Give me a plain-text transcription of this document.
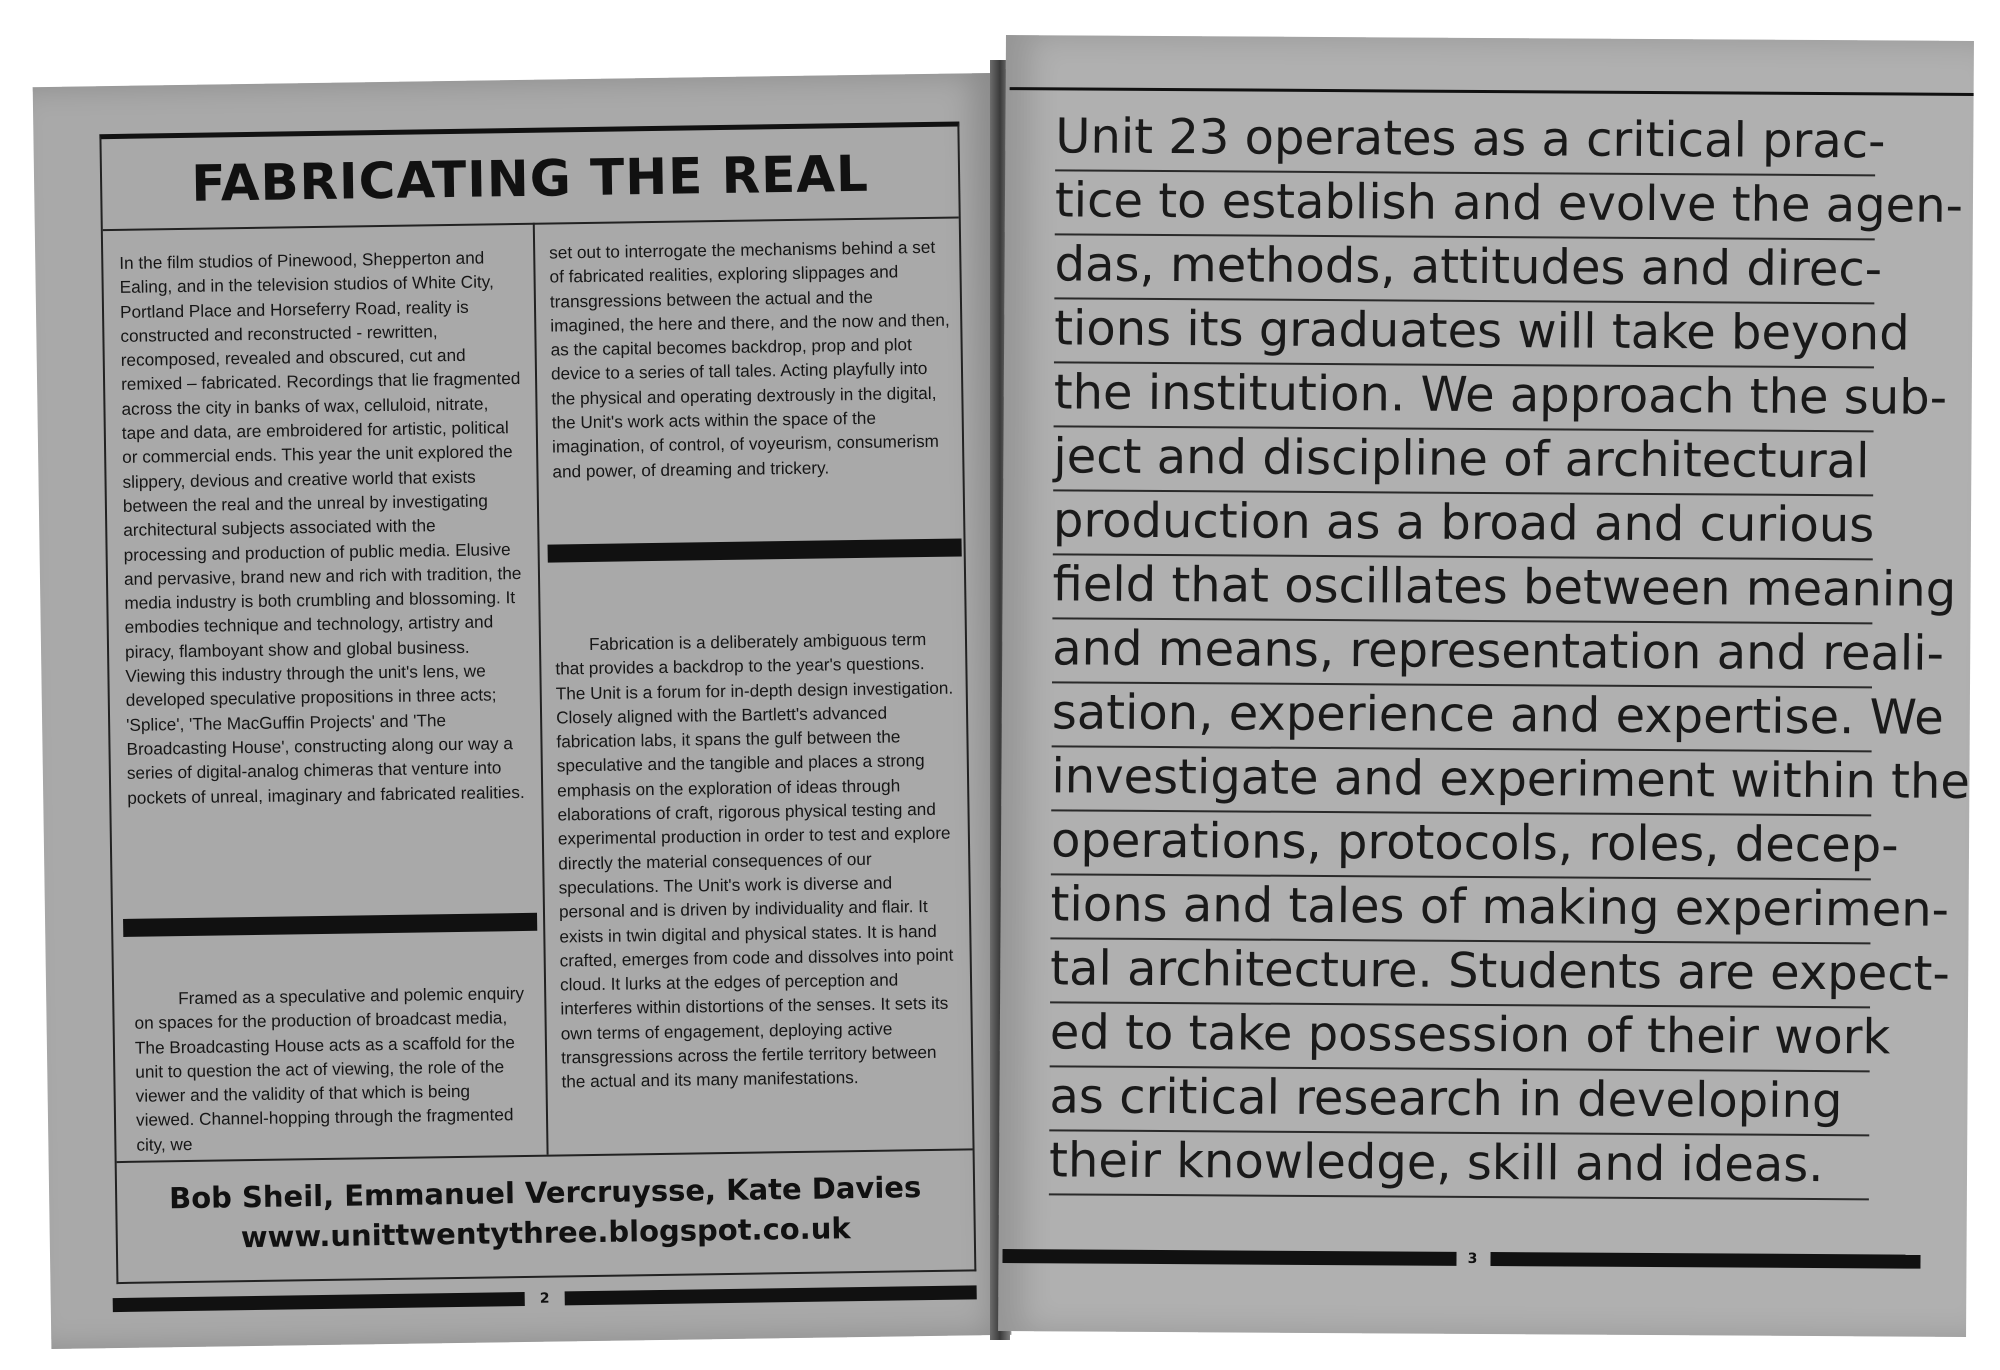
FABRICATING THE REAL

In the film studios of Pinewood, Shepperton and Ealing, and in the television studios of White City, Portland Place and Horseferry Road, reality is constructed and reconstructed - rewritten, recomposed, revealed and obscured, cut and remixed – fabricated. Recordings that lie fragmented across the city in banks of wax, celluloid, nitrate, tape and data, are embroidered for artistic, political or commercial ends. This year the unit explored the slippery, devious and creative world that exists between the real and the unreal by investigating architectural subjects associated with the processing and production of public media. Elusive and pervasive, brand new and rich with tradition, the media industry is both crumbling and blossoming. It embodies technique and technology, artistry and piracy, flamboyant show and global business. Viewing this industry through the unit's lens, we developed speculative propositions in three acts; 'Splice', 'The MacGuffin Projects' and 'The Broadcasting House', constructing along our way a series of digital-analog chimeras that venture into pockets of unreal, imaginary and fabricated realities.

Framed as a speculative and polemic enquiry on spaces for the production of broadcast media, The Broadcasting House acts as a scaffold for the unit to question the act of viewing, the role of the viewer and the validity of that which is being viewed. Channel-hopping through the fragmented city, we

set out to interrogate the mechanisms behind a set of fabricated realities, exploring slippages and transgressions between the actual and the imagined, the here and there, and the now and then, as the capital becomes backdrop, prop and plot device to a series of tall tales. Acting playfully into the physical and operating dextrously in the digital, the Unit's work acts within the space of the imagination, of control, of voyeurism, consumerism and power, of dreaming and trickery.

Fabrication is a deliberately ambiguous term that provides a backdrop to the year's questions. The Unit is a forum for in-depth design investigation. Closely aligned with the Bartlett's advanced fabrication labs, it spans the gulf between the speculative and the tangible and places a strong emphasis on the exploration of ideas through elaborations of craft, rigorous physical testing and experimental production in order to test and explore directly the material consequences of our speculations. The Unit's work is diverse and personal and is driven by individuality and flair. It exists in twin digital and physical states. It is hand crafted, emerges from code and dissolves into point cloud. It lurks at the edges of perception and interferes within distortions of the senses. It sets its own terms of engagement, deploying active transgressions across the fertile territory between the actual and its many manifestations.

Bob Sheil, Emmanuel Vercruysse, Kate Davies
www.unittwentythree.blogspot.co.uk
2
Unit 23 operates as a critical prac-
tice to establish and evolve the agen-
das, methods, attitudes and direc-
tions its graduates will take beyond
the institution. We approach the sub-
ject and discipline of architectural
production as a broad and curious
field that oscillates between meaning
and means, representation and reali-
sation, experience and expertise. We
investigate and experiment within the
operations, protocols, roles, decep-
tions and tales of making experimen-
tal architecture. Students are expect-
ed to take possession of their work
as critical research in developing
their knowledge, skill and ideas.
3
